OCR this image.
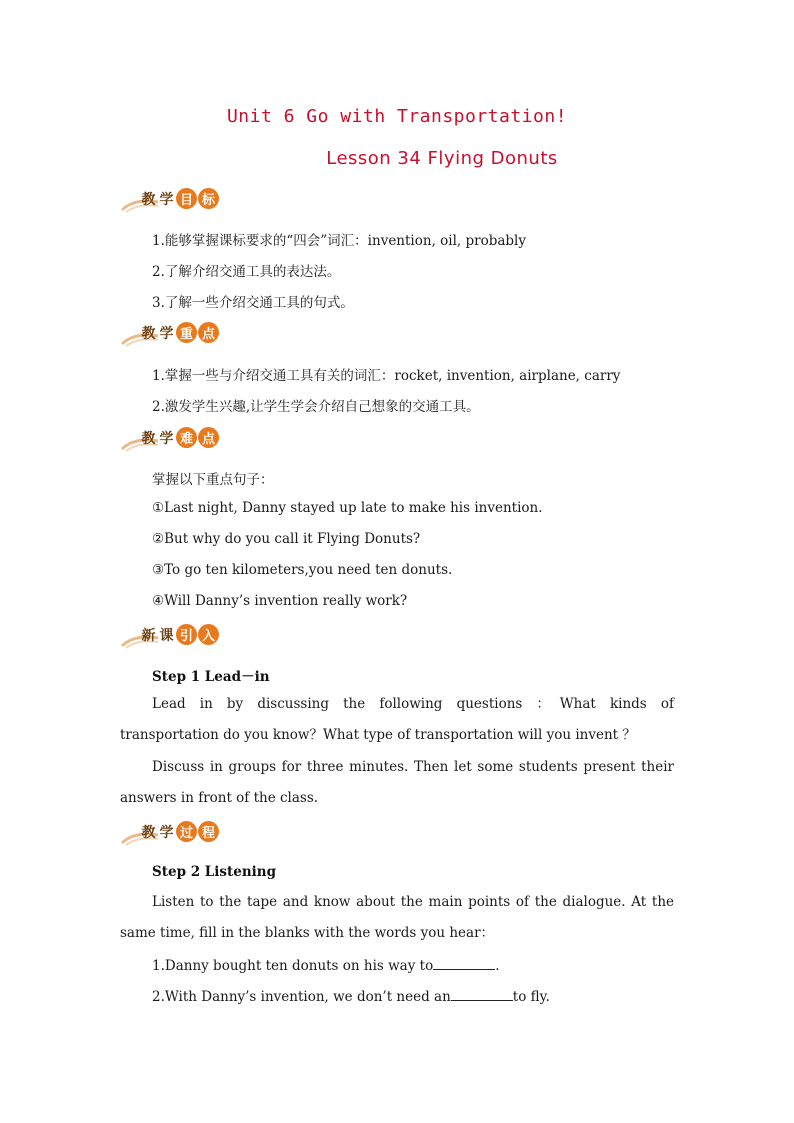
Unit 6 Go with Transportation!
Lesson 34 Flying Donuts
教 学 目 标
1.能够掌握课标要求的“四会”词汇：invention, oil, probably
2.了解介绍交通工具的表达法。
3.了解一些介绍交通工具的句式。
教 学 重 点
1.掌握一些与介绍交通工具有关的词汇：rocket, invention, airplane, carry
2.激发学生兴趣,让学生学会介绍自己想象的交通工具。
教 学 难 点
掌握以下重点句子：
①Last night, Danny stayed up late to make his invention.
②But why do you call it Flying Donuts?
③To go ten kilometers,you need ten donuts.
④Will Danny’s invention really work?
新 课 引 入
Step 1 Lead－in
Lead in by discussing the following questions ：What kinds of transportation do you know？What type of transportation will you invent ？
Discuss in groups for three minutes. Then let some students present their answers in front of the class.
教 学 过 程
Step 2 Listening
Listen to the tape and know about the main points of the dialogue. At the same time, fill in the blanks with the words you hear：
1.Danny bought ten donuts on his way to	.
2.With Danny’s invention, we don’t need an	to fly.
